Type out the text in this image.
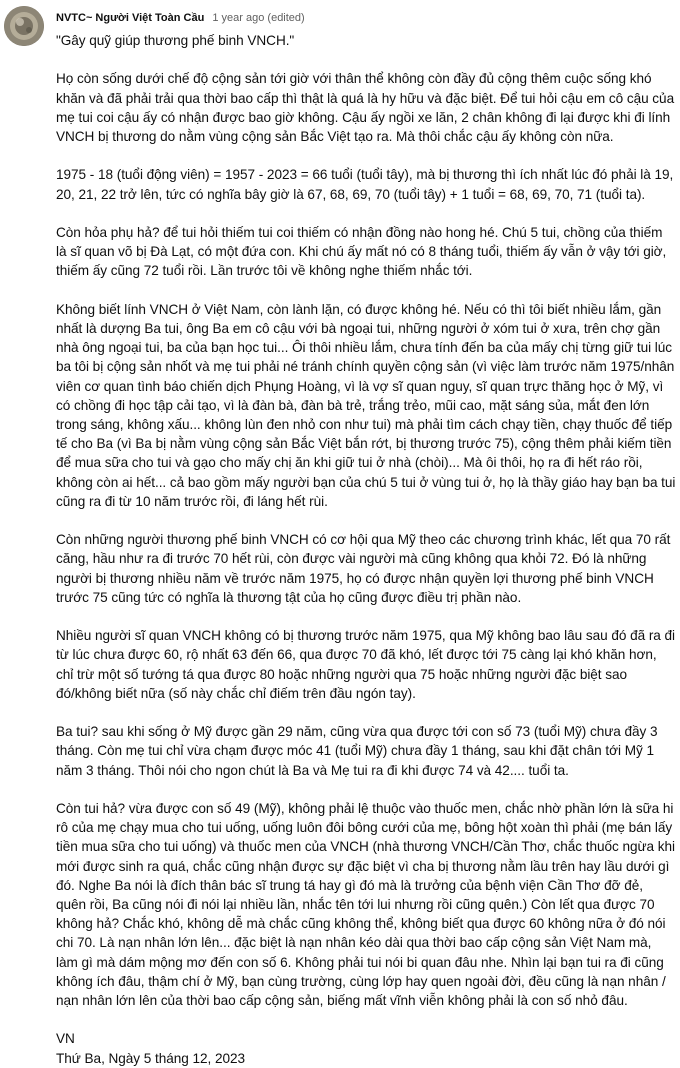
NVTC~ Người Việt Toàn Cầu 1 year ago (edited)

"Gây quỹ giúp thương phế binh VNCH."

Họ còn sống dưới chế độ cộng sản tới giờ với thân thể không còn đầy đủ cộng thêm cuộc sống khó khăn và đã phải trải qua thời bao cấp thì thật là quá là hy hữu và đặc biệt. Để tui hỏi cậu em cô cậu của mẹ tui coi cậu ấy có nhận được bao giờ không. Cậu ấy ngồi xe lăn, 2 chân không đi lại được khi đi lính VNCH bị thương do nằm vùng cộng sản Bắc Việt tạo ra. Mà thôi chắc cậu ấy không còn nữa.

1975 - 18 (tuổi động viên) = 1957 - 2023 = 66 tuổi (tuổi tây), mà bị thương thì ích nhất lúc đó phải là 19, 20, 21, 22 trở lên, tức có nghĩa bây giờ là 67, 68, 69, 70 (tuổi tây) + 1 tuổi = 68, 69, 70, 71 (tuổi ta).

Còn hỏa phụ hả? để tui hỏi thiếm tui coi thiếm có nhận đồng nào hong hé. Chú 5 tui, chồng của thiếm là sĩ quan võ bị Đà Lạt, có một đứa con. Khi chú ấy mất nó có 8 tháng tuổi, thiếm ấy vẫn ở vậy tới giờ, thiếm ấy cũng 72 tuổi rồi. Lần trước tôi về không nghe thiếm nhắc tới.

Không biết lính VNCH ở Việt Nam, còn lành lặn, có được không hé. Nếu có thì tôi biết nhiều lắm, gần nhất là dượng Ba tui, ông Ba em cô cậu với bà ngoại tui, những người ở xóm tui ở xưa, trên chợ gần nhà ông ngoại tui, ba của bạn học tui... Ôi thôi nhiều lắm, chưa tính đến ba của mấy chị từng giữ tui lúc ba tôi bị cộng sản nhốt và mẹ tui phải né tránh chính quyền cộng sản (vì việc làm trước năm 1975/nhân viên cơ quan tình báo chiến dịch Phụng Hoàng, vì là vợ sĩ quan nguy, sĩ quan trực thăng học ở Mỹ, vì có chồng đi học tập cải tạo, vì là đàn bà, đàn bà trẻ, trắng trẻo, mũi cao, mặt sáng sủa, mắt đen lớn trong sáng, không xấu... không lùn đen nhỏ con như tui) mà phải tìm cách chạy tiền, chạy thuốc để tiếp tế cho Ba (vì Ba bị nằm vùng cộng sản Bắc Việt bắn rớt, bị thương trước 75), cộng thêm phải kiếm tiền để mua sữa cho tui và gạo cho mấy chị ăn khi giữ tui ở nhà (chòi)... Mà ôi thôi, họ ra đi hết ráo rồi, không còn ai hết... cả bao gồm mấy người bạn của chú 5 tui ở vùng tui ở, họ là thầy giáo hay bạn ba tui cũng ra đi từ 10 năm trước rồi, đi láng hết rùi.

Còn những người thương phế binh VNCH có cơ hội qua Mỹ theo các chương trình khác, lết qua 70 rất căng, hầu như ra đi trước 70 hết rùi, còn được vài người mà cũng không qua khỏi 72. Đó là những người bị thương nhiều năm về trước năm 1975, họ có được nhận quyền lợi thương phế binh VNCH trước 75 cũng tức có nghĩa là thương tật của họ cũng được điều trị phần nào.

Nhiều người sĩ quan VNCH không có bị thương trước năm 1975, qua Mỹ không bao lâu sau đó đã ra đi từ lúc chưa được 60, rộ nhất 63 đến 66, qua được 70 đã khó, lết được tới 75 càng lại khó khăn hơn, chỉ trừ một số tướng tá qua được 80 hoặc những người qua 75 hoặc những người đặc biệt sao đó/không biết nữa (số này chắc chỉ điếm trên đầu ngón tay).

Ba tui? sau khi sống ở Mỹ được gần 29 năm, cũng vừa qua được tới con số 73 (tuổi Mỹ) chưa đầy 3 tháng. Còn mẹ tui chỉ vừa chạm được móc 41 (tuổi Mỹ) chưa đầy 1 tháng, sau khi đặt chân tới Mỹ 1 năm 3 tháng. Thôi nói cho ngon chút là Ba và Mẹ tui ra đi khi được 74 và 42.... tuổi ta.

Còn tui hả? vừa được con số 49 (Mỹ), không phải lệ thuộc vào thuốc men, chắc nhờ phần lớn là sữa hi rô của mẹ chạy mua cho tui uống, uống luôn đôi bông cưới của mẹ, bông hột xoàn thì phải (mẹ bán lấy tiền mua sữa cho tui uống) và thuốc men của VNCH (nhà thương VNCH/Cần Thơ, chắc thuốc ngừa khi mới được sinh ra quá, chắc cũng nhận được sự đặc biệt vì cha bị thương nằm lầu trên hay lầu dưới gì đó. Nghe Ba nói là đích thân bác sĩ trung tá hay gì đó mà là trưởng của bệnh viện Cần Thơ đỡ đẻ, quên rồi, Ba cũng nói đi nói lại nhiều lần, nhắc tên tới lui nhưng rồi cũng quên.) Còn lết qua được 70 không hả? Chắc khó, không dễ mà chắc cũng không thể, không biết qua được 60 không nữa ở đó nói chi 70. Là nạn nhân lớn lên... đặc biệt là nạn nhân kéo dài qua thời bao cấp cộng sản Việt Nam mà, làm gì mà dám mộng mơ đến con số 6. Không phải tui nói bi quan đâu nhe. Nhìn lại bạn tui ra đi cũng không ích đâu, thậm chí ở Mỹ, bạn cùng trường, cùng lớp hay quen ngoài đời, đều cũng là nạn nhân / nạn nhân lớn lên của thời bao cấp cộng sản, biếng mất vĩnh viễn không phải là con số nhỏ đâu.

VN

Thứ Ba, Ngày 5 tháng 12, 2023
